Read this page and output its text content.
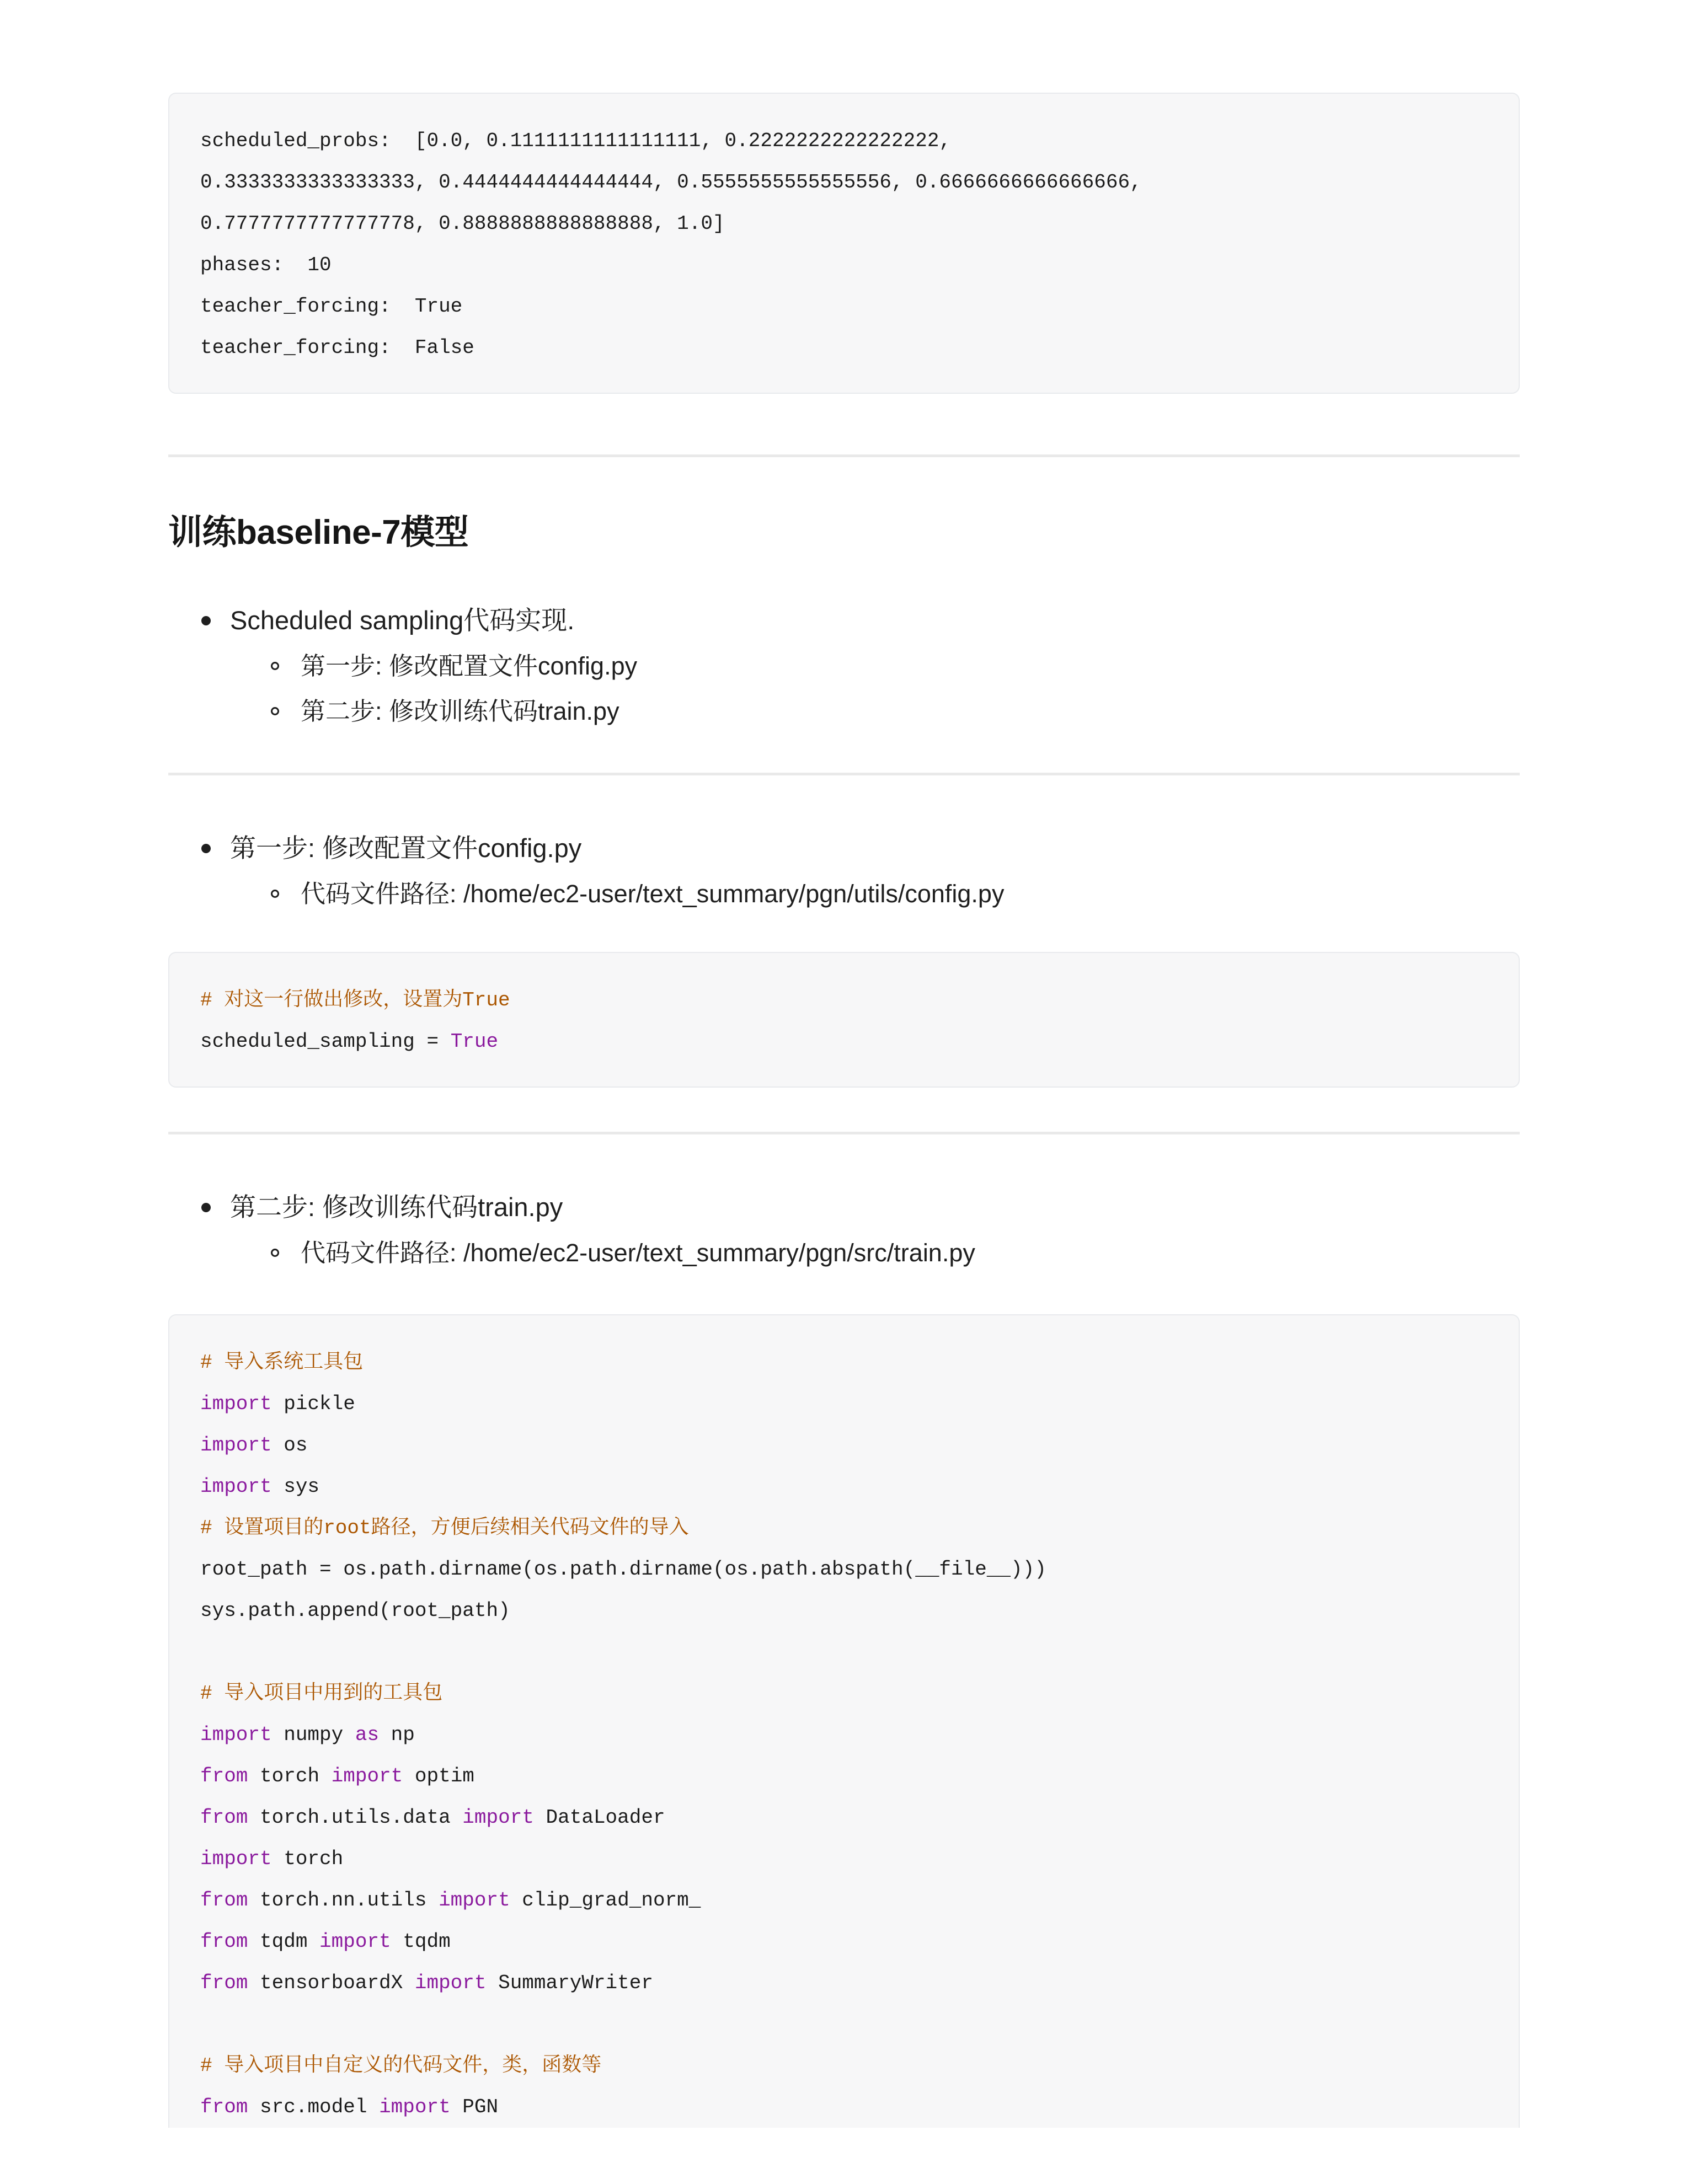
scheduled_probs:  [0.0, 0.1111111111111111, 0.2222222222222222,
0.3333333333333333, 0.4444444444444444, 0.5555555555555556, 0.6666666666666666,
0.7777777777777778, 0.8888888888888888, 1.0]
phases:  10
teacher_forcing:  True
teacher_forcing:  False
训练baseline-7模型
Scheduled sampling代码实现.
第一步: 修改配置文件config.py
第二步: 修改训练代码train.py
第一步: 修改配置文件config.py
代码文件路径: /home/ec2-user/text_summary/pgn/utils/config.py
# 对这一行做出修改，设置为True
scheduled_sampling = True
第二步: 修改训练代码train.py
代码文件路径: /home/ec2-user/text_summary/pgn/src/train.py
# 导入系统工具包
import pickle
import os
import sys
# 设置项目的root路径，方便后续相关代码文件的导入
root_path = os.path.dirname(os.path.dirname(os.path.abspath(__file__)))
sys.path.append(root_path)
# 导入项目中用到的工具包
import numpy as np
from torch import optim
from torch.utils.data import DataLoader
import torch
from torch.nn.utils import clip_grad_norm_
from tqdm import tqdm
from tensorboardX import SummaryWriter
# 导入项目中自定义的代码文件，类，函数等
from src.model import PGN
